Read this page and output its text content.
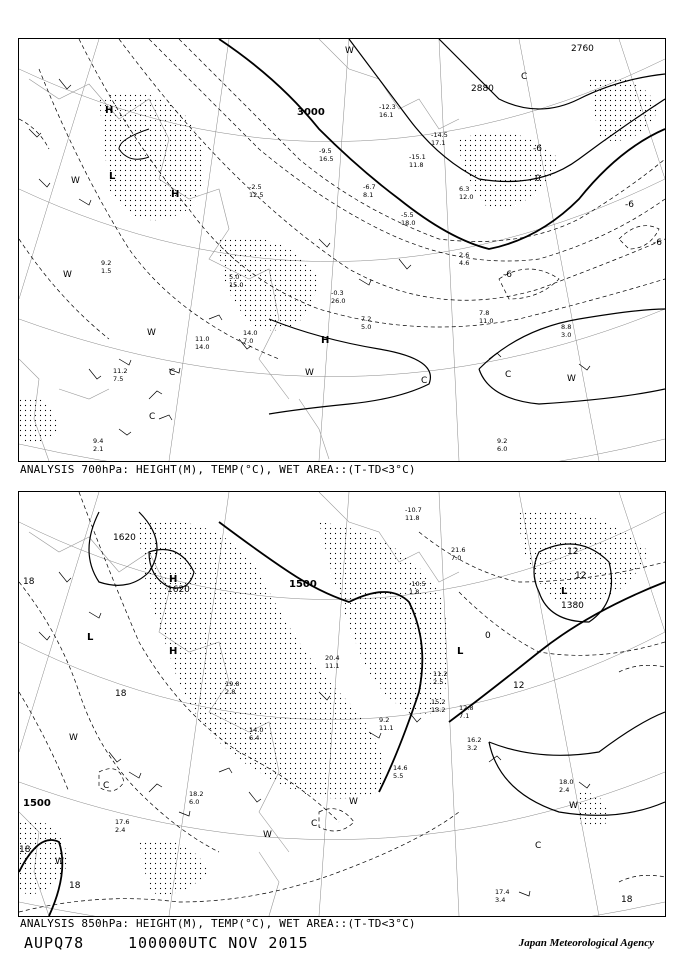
3000
2880
2760
H
H
H
L	0
-6
-6
-6
-6
W
W
W
W
C
C
C
C
C
W
W
7.8
11.0
8.8
3.0
9.2
6.0
7.2
5.0
11.2
7.5
9.2
1.5
9.4
2.1
11.0
14.0
-9.5
16.5
-6.7
8.1
-15.1
11.8
-12.3
16.1
-14.5
17.1
-2.5
12.5
5.0
15.0
6.3
12.0
-5.5
18.0
2.6
4.6
-0.3
26.0
14.0
7.0
ANALYSIS 700hPa: HEIGHT(M), TEMP(°C), WET AREA::(T-TD<3°C)
1620
1620	1500
1500
1380
H
H
L
L
L
18
18
18
18
12
12
0
18
12
W
W
W
W
C
C
C
W
16.2
3.2
18.0
2.4
17.4
3.4
17.6
2.4
18.2
6.0
12.8
7.1
-10.5
1.8
-10.7
11.8
14.6
5.5
21.6
7.0
9.2
11.1
20.4
11.1
19.8
2.8
14.0
6.4
15.2
13.2
11.2
2.5
ANALYSIS 850hPa: HEIGHT(M), TEMP(°C), WET AREA::(T-TD<3°C)
AUPQ78	100000UTC NOV 2015	Japan Meteorological Agency
